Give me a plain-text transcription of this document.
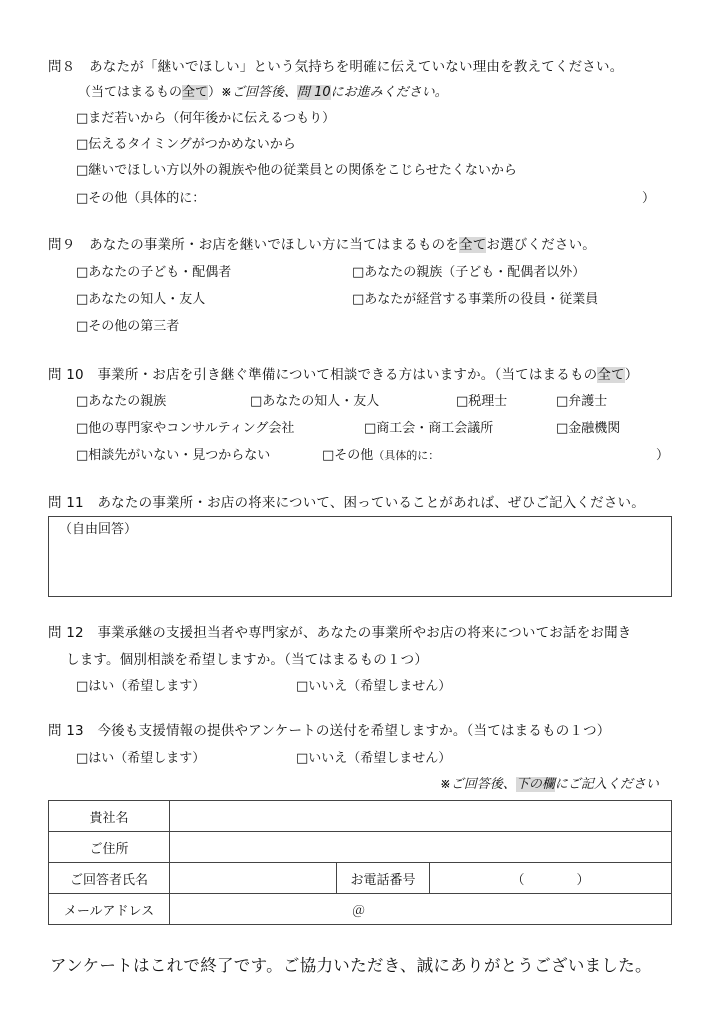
問８　あなたが「継いでほしい」という気持ちを明確に伝えていない理由を教えてください。
（当てはまるもの全て）※ご回答後、問 10にお進みください。
□まだ若いから（何年後かに伝えるつもり）
□伝えるタイミングがつかめないから
□継いでほしい方以外の親族や他の従業員との関係をこじらせたくないから
□その他（具体的に：	）
問９　あなたの事業所・お店を継いでほしい方に当てはまるものを全てお選びください。
□あなたの子ども・配偶者	□あなたの親族（子ども・配偶者以外）
□あなたの知人・友人	□あなたが経営する事業所の役員・従業員
□その他の第三者
問 10　事業所・お店を引き継ぐ準備について相談できる方はいますか。（当てはまるもの全て）
□あなたの親族	□あなたの知人・友人	□税理士	□弁護士
□他の専門家やコンサルティング会社	□商工会・商工会議所	□金融機関
□相談先がいない・見つからない	□その他（具体的に：	）
問 11　あなたの事業所・お店の将来について、困っていることがあれば、ぜひご記入ください。
（自由回答）
問 12　事業承継の支援担当者や専門家が、あなたの事業所やお店の将来についてお話をお聞き
します。個別相談を希望しますか。（当てはまるもの１つ）
□はい（希望します）	□いいえ（希望しません）
問 13　今後も支援情報の提供やアンケートの送付を希望しますか。（当てはまるもの１つ）
□はい（希望します）	□いいえ（希望しません）
※ご回答後、下の欄にご記入ください
貴社名			
ご住所			
ご回答者氏名		お電話番号	（　　　　）
メールアドレス	＠		
アンケートはこれで終了です。ご協力いただき、誠にありがとうございました。
